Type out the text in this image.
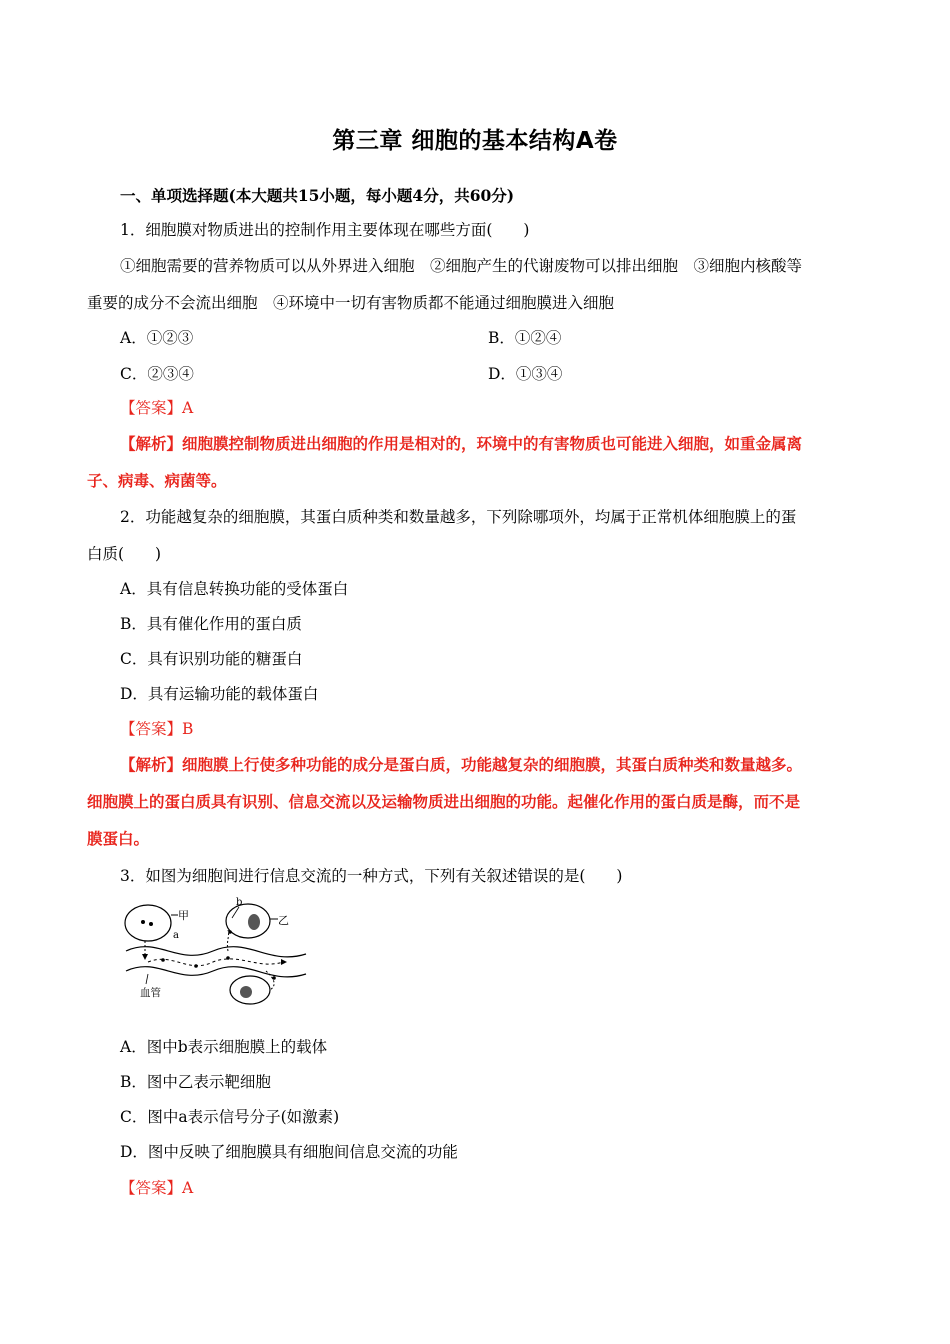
第三章 细胞的基本结构A卷
一、单项选择题(本大题共15小题，每小题4分，共60分)
1．细胞膜对物质进出的控制作用主要体现在哪些方面(　　)
①细胞需要的营养物质可以从外界进入细胞　②细胞产生的代谢废物可以排出细胞　③细胞内核酸等
重要的成分不会流出细胞　④环境中一切有害物质都不能通过细胞膜进入细胞
A．①②③	B．①②④
C．②③④	D．①③④
【答案】A
【解析】细胞膜控制物质进出细胞的作用是相对的，环境中的有害物质也可能进入细胞，如重金属离
子、病毒、病菌等。
2．功能越复杂的细胞膜，其蛋白质种类和数量越多，下列除哪项外，均属于正常机体细胞膜上的蛋
白质(　　)
A．具有信息转换功能的受体蛋白
B．具有催化作用的蛋白质
C．具有识别功能的糖蛋白
D．具有运输功能的载体蛋白
【答案】B
【解析】细胞膜上行使多种功能的成分是蛋白质，功能越复杂的细胞膜，其蛋白质种类和数量越多。
细胞膜上的蛋白质具有识别、信息交流以及运输物质进出细胞的功能。起催化作用的蛋白质是酶，而不是
膜蛋白。
3．如图为细胞间进行信息交流的一种方式，下列有关叙述错误的是(　　)
甲
a
血管
乙
b
A．图中b表示细胞膜上的载体
B．图中乙表示靶细胞
C．图中a表示信号分子(如激素)
D．图中反映了细胞膜具有细胞间信息交流的功能
【答案】A
